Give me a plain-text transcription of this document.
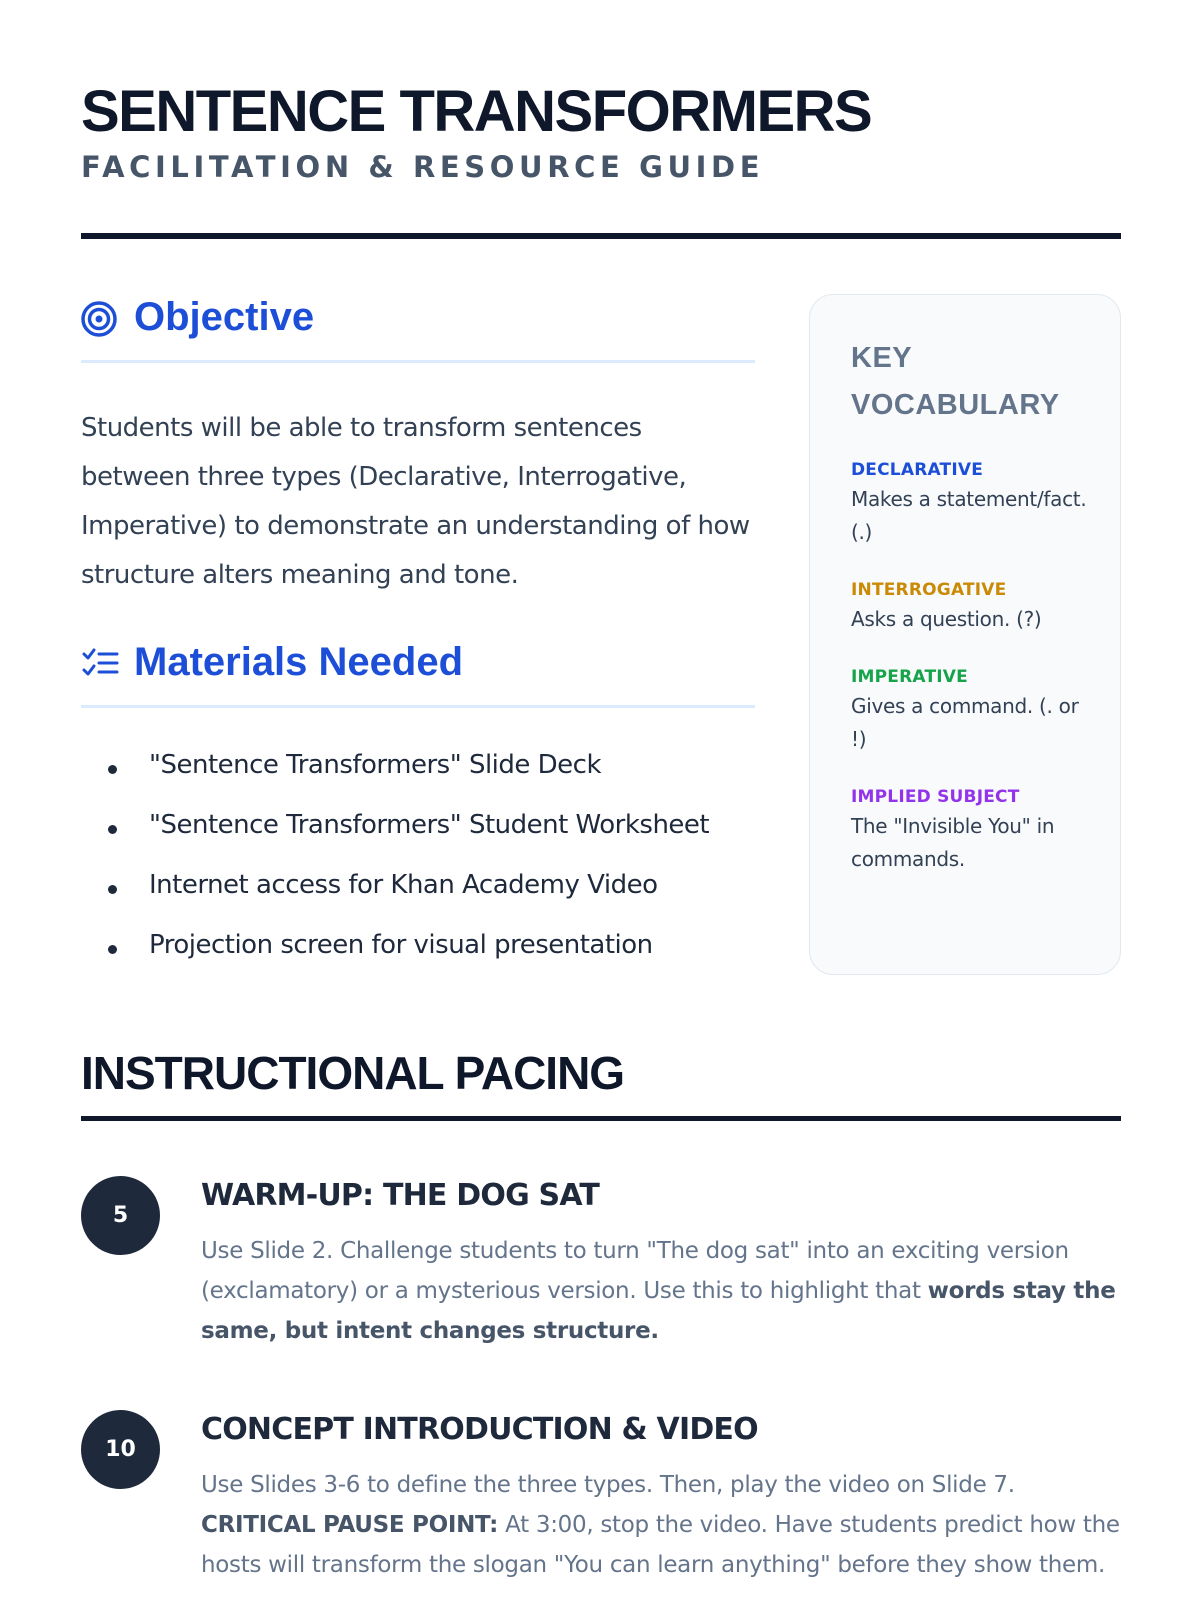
SENTENCE TRANSFORMERS
FACILITATION & RESOURCE GUIDE
Objective

Students will be able to transform sentences between three types (Declarative, Interrogative, Imperative) to demonstrate an understanding of how structure alters meaning and tone.

Materials Needed
"Sentence Transformers" Slide Deck
"Sentence Transformers" Student Worksheet
Internet access for Khan Academy Video
Projection screen for visual presentation
KEY VOCABULARY
DECLARATIVE
Makes a statement/fact. (.)
INTERROGATIVE
Asks a question. (?)
IMPERATIVE
Gives a command. (. or !)
IMPLIED SUBJECT
The "Invisible You" in commands.
INSTRUCTIONAL PACING
5
WARM-UP: THE DOG SAT

Use Slide 2. Challenge students to turn "The dog sat" into an exciting version (exclamatory) or a mysterious version. Use this to highlight that words stay the same, but intent changes structure.

10
CONCEPT INTRODUCTION & VIDEO

Use Slides 3-6 to define the three types. Then, play the video on Slide 7.
CRITICAL PAUSE POINT: At 3:00, stop the video. Have students predict how the hosts will transform the slogan "You can learn anything" before they show them.
